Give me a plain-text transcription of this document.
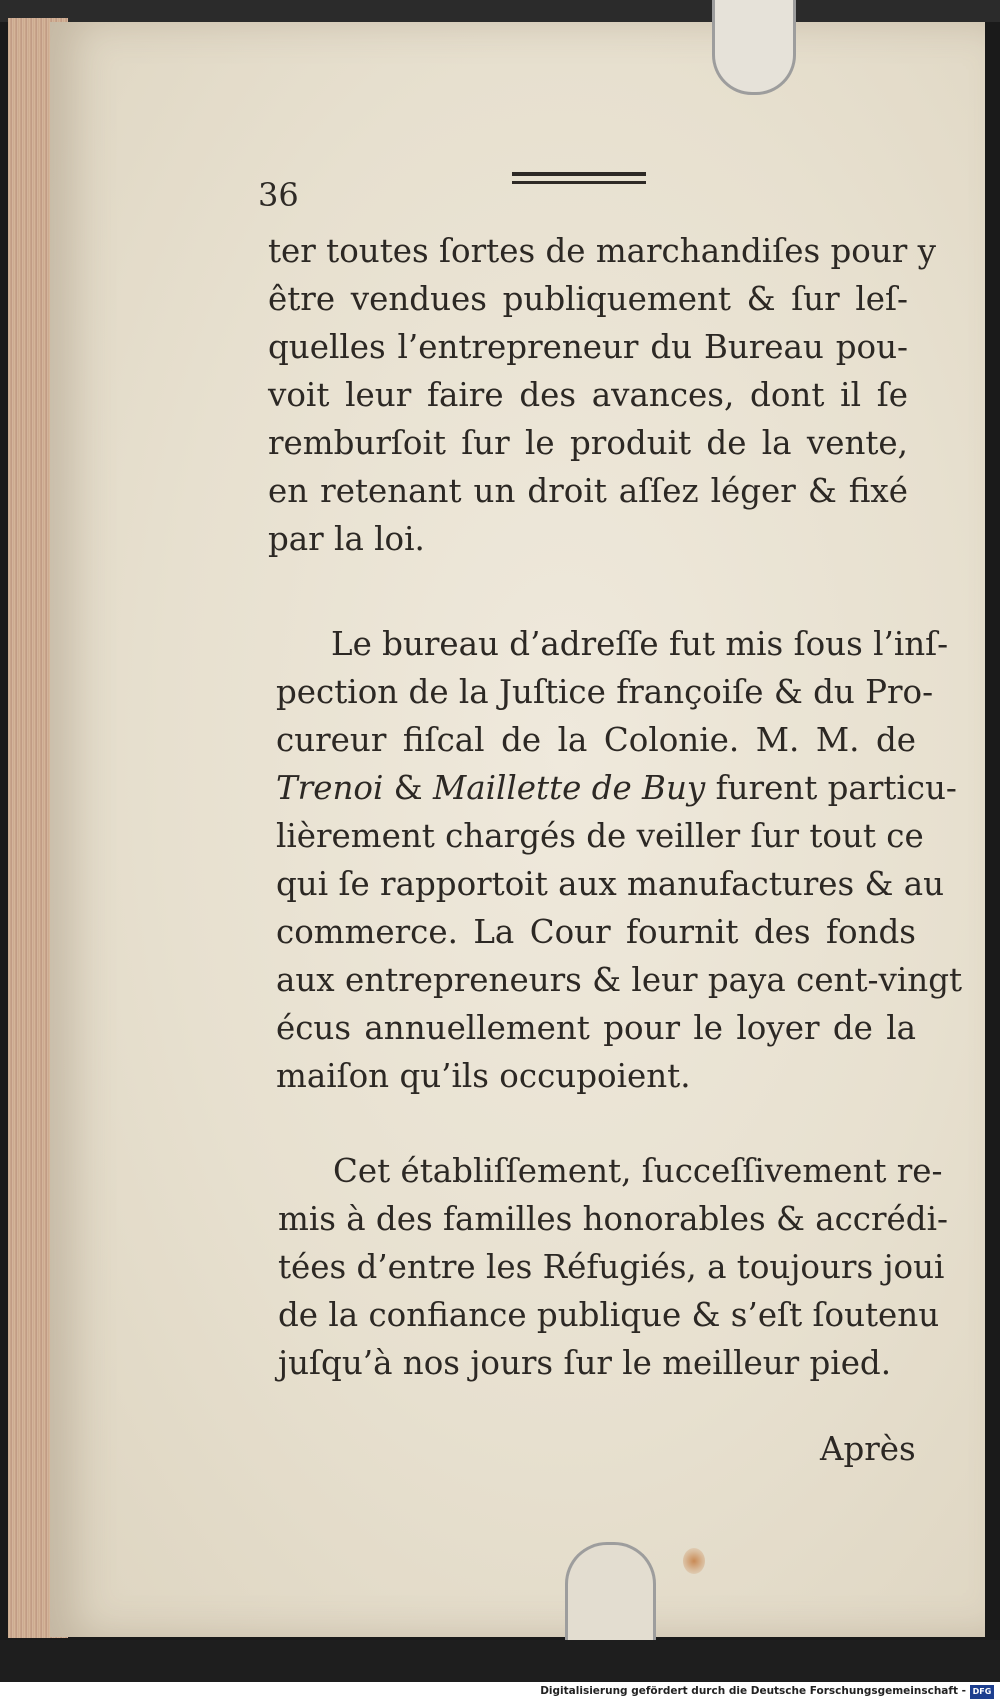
36
ter toutes ſortes de marchandiſes pour y
être vendues publiquement & ſur leſ-
quelles l’entrepreneur du Bureau pou-
voit leur faire des avances, dont il ſe
remburſoit ſur le produit de la vente,
en retenant un droit aſſez léger & fixé
par la loi.
Le bureau d’adreſſe fut mis ſous l’inſ-
pection de la Juſtice françoiſe & du Pro-
cureur fiſcal de la Colonie. M. M. de
Trenoi & Maillette de Buy furent particu-
lièrement chargés de veiller ſur tout ce
qui ſe rapportoit aux manufactures & au
commerce. La Cour fournit des fonds
aux entrepreneurs & leur paya cent-vingt
écus annuellement pour le loyer de la
maiſon qu’ils occupoient.
Cet établiſſement, ſucceſſivement re-
mis à des familles honorables & accrédi-
tées d’entre les Réfugiés, a toujours joui
de la confiance publique & s’eſt ſoutenu
juſqu’à nos jours ſur le meilleur pied.
Après
Digitalisierung gefördert durch die Deutsche Forschungsgemeinschaft - DFG
